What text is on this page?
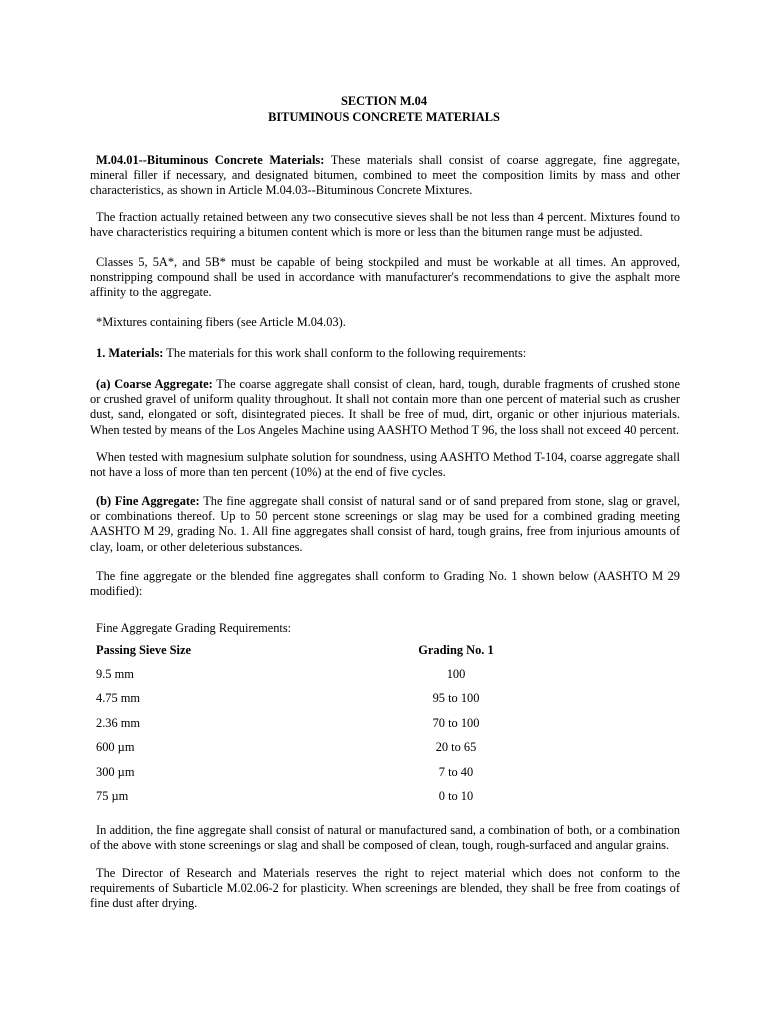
SECTION M.04
BITUMINOUS CONCRETE MATERIALS

M.04.01--Bituminous Concrete Materials: These materials shall consist of coarse aggregate, fine aggregate, mineral filler if necessary, and designated bitumen, combined to meet the composition limits by mass and other characteristics, as shown in Article M.04.03--Bituminous Concrete Mixtures.

The fraction actually retained between any two consecutive sieves shall be not less than 4 percent. Mixtures found to have characteristics requiring a bitumen content which is more or less than the bitumen range must be adjusted.

Classes 5, 5A*, and 5B* must be capable of being stockpiled and must be workable at all times. An approved, nonstripping compound shall be used in accordance with manufacturer's recommendations to give the asphalt more affinity to the aggregate.

*Mixtures containing fibers (see Article M.04.03).

1. Materials: The materials for this work shall conform to the following requirements:

(a) Coarse Aggregate: The coarse aggregate shall consist of clean, hard, tough, durable fragments of crushed stone or crushed gravel of uniform quality throughout. It shall not contain more than one percent of material such as crusher dust, sand, elongated or soft, disintegrated pieces. It shall be free of mud, dirt, organic or other injurious materials. When tested by means of the Los Angeles Machine using AASHTO Method T 96, the loss shall not exceed 40 percent.

When tested with magnesium sulphate solution for soundness, using AASHTO Method T-104, coarse aggregate shall not have a loss of more than ten percent (10%) at the end of five cycles.

(b) Fine Aggregate: The fine aggregate shall consist of natural sand or of sand prepared from stone, slag or gravel, or combinations thereof. Up to 50 percent stone screenings or slag may be used for a combined grading meeting AASHTO M 29, grading No. 1. All fine aggregates shall consist of hard, tough grains, free from injurious amounts of clay, loam, or other deleterious substances.

The fine aggregate or the blended fine aggregates shall conform to Grading No. 1 shown below (AASHTO M 29 modified):

Fine Aggregate Grading Requirements:
Passing Sieve Size	Grading No. 1
9.5 mm	100
4.75 mm	95 to 100
2.36 mm	70 to 100
600 µm	20 to 65
300 µm	7 to 40
75 µm	0 to 10

In addition, the fine aggregate shall consist of natural or manufactured sand, a combination of both, or a combination of the above with stone screenings or slag and shall be composed of clean, tough, rough-surfaced and angular grains.

The Director of Research and Materials reserves the right to reject material which does not conform to the requirements of Subarticle M.02.06-2 for plasticity. When screenings are blended, they shall be free from coatings of fine dust after drying.
